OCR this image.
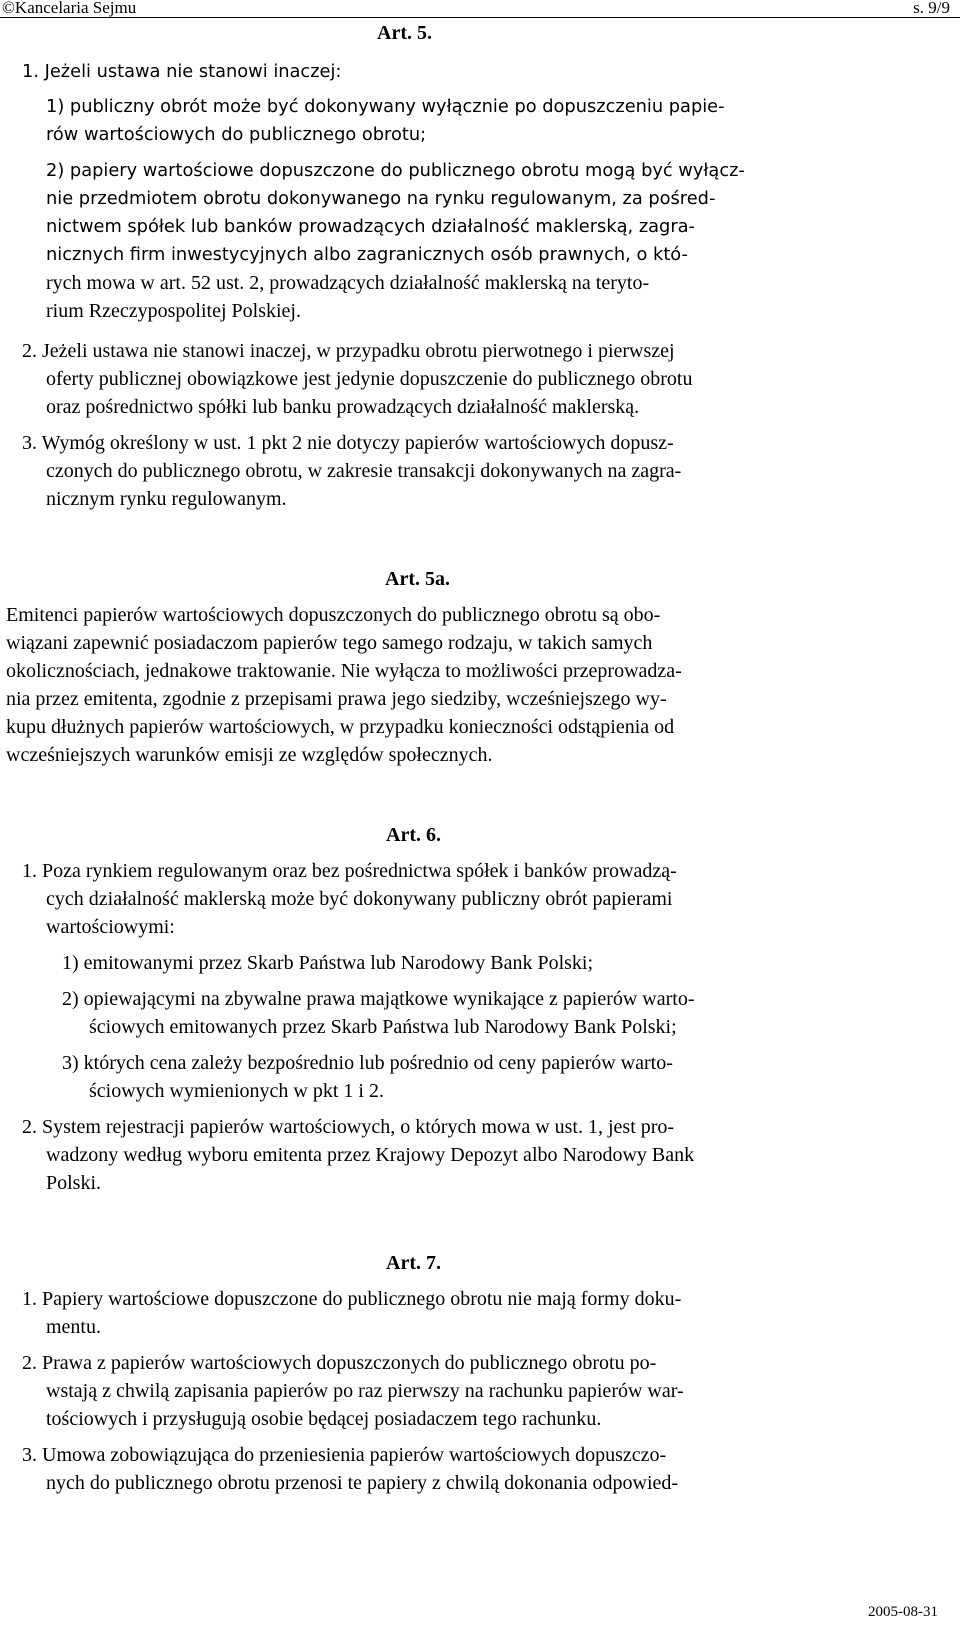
©Kancelaria Sejmu	s. 9/9
Art. 5.
1. Jeżeli ustawa nie stanowi inaczej:
1) publiczny obrót może być dokonywany wyłącznie po dopuszczeniu papie-
rów wartościowych do publicznego obrotu;
2) papiery wartościowe dopuszczone do publicznego obrotu mogą być wyłącz-
nie przedmiotem obrotu dokonywanego na rynku regulowanym, za pośred-
nictwem spółek lub banków prowadzących działalność maklerską, zagra-
nicznych firm inwestycyjnych albo zagranicznych osób prawnych, o któ-
rych mowa w art. 52 ust. 2, prowadzących działalność maklerską na teryto-
rium Rzeczypospolitej Polskiej.
2. Jeżeli ustawa nie stanowi inaczej, w przypadku obrotu pierwotnego i pierwszej
oferty publicznej obowiązkowe jest jedynie dopuszczenie do publicznego obrotu
oraz pośrednictwo spółki lub banku prowadzących działalność maklerską.
3. Wymóg określony w ust. 1 pkt 2 nie dotyczy papierów wartościowych dopusz-
czonych do publicznego obrotu, w zakresie transakcji dokonywanych na zagra-
nicznym rynku regulowanym.
Art. 5a.
Emitenci papierów wartościowych dopuszczonych do publicznego obrotu są obo-
wiązani zapewnić posiadaczom papierów tego samego rodzaju, w takich samych
okolicznościach, jednakowe traktowanie. Nie wyłącza to możliwości przeprowadza-
nia przez emitenta, zgodnie z przepisami prawa jego siedziby, wcześniejszego wy-
kupu dłużnych papierów wartościowych, w przypadku konieczności odstąpienia od
wcześniejszych warunków emisji ze względów społecznych.
Art. 6.
1. Poza rynkiem regulowanym oraz bez pośrednictwa spółek i banków prowadzą-
cych działalność maklerską może być dokonywany publiczny obrót papierami
wartościowymi:
1) emitowanymi przez Skarb Państwa lub Narodowy Bank Polski;
2) opiewającymi na zbywalne prawa majątkowe wynikające z papierów warto-
ściowych emitowanych przez Skarb Państwa lub Narodowy Bank Polski;
3) których cena zależy bezpośrednio lub pośrednio od ceny papierów warto-
ściowych wymienionych w pkt 1 i 2.
2. System rejestracji papierów wartościowych, o których mowa w ust. 1, jest pro-
wadzony według wyboru emitenta przez Krajowy Depozyt albo Narodowy Bank
Polski.
Art. 7.
1. Papiery wartościowe dopuszczone do publicznego obrotu nie mają formy doku-
mentu.
2. Prawa z papierów wartościowych dopuszczonych do publicznego obrotu po-
wstają z chwilą zapisania papierów po raz pierwszy na rachunku papierów war-
tościowych i przysługują osobie będącej posiadaczem tego rachunku.
3. Umowa zobowiązująca do przeniesienia papierów wartościowych dopuszczo-
nych do publicznego obrotu przenosi te papiery z chwilą dokonania odpowied-
2005-08-31
